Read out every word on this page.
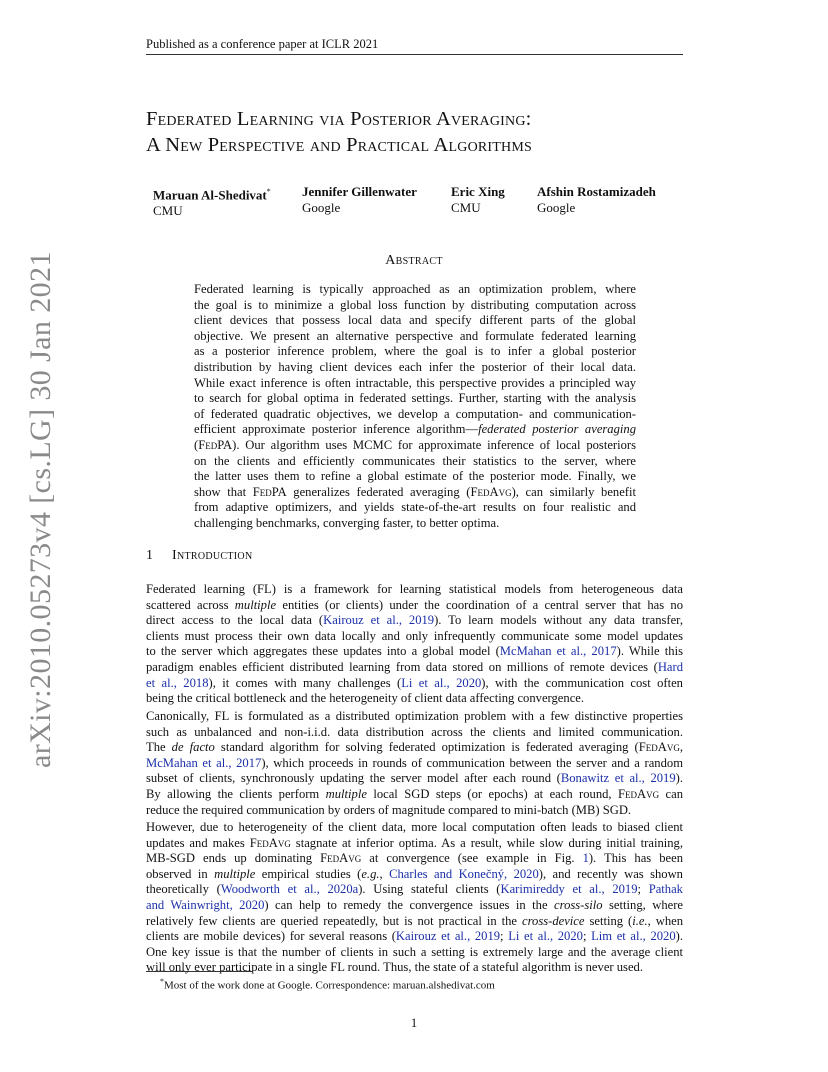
Published as a conference paper at ICLR 2021
Federated Learning via Posterior Averaging:
A New Perspective and Practical Algorithms
Maruan Al-Shedivat*
CMU
Jennifer Gillenwater
Google
Eric Xing
CMU
Afshin Rostamizadeh
Google
Abstract
Federated learning is typically approached as an optimization problem, where
the goal is to minimize a global loss function by distributing computation across
client devices that possess local data and specify different parts of the global
objective. We present an alternative perspective and formulate federated learning
as a posterior inference problem, where the goal is to infer a global posterior
distribution by having client devices each infer the posterior of their local data.
While exact inference is often intractable, this perspective provides a principled way
to search for global optima in federated settings. Further, starting with the analysis
of federated quadratic objectives, we develop a computation- and communication-
efficient approximate posterior inference algorithm—federated posterior averaging
(FedPA). Our algorithm uses MCMC for approximate inference of local posteriors
on the clients and efficiently communicates their statistics to the server, where
the latter uses them to refine a global estimate of the posterior mode. Finally, we
show that FedPA generalizes federated averaging (FedAvg), can similarly benefit
from adaptive optimizers, and yields state-of-the-art results on four realistic and
challenging benchmarks, converging faster, to better optima.
1 Introduction
Federated learning (FL) is a framework for learning statistical models from heterogeneous data
scattered across multiple entities (or clients) under the coordination of a central server that has no
direct access to the local data (Kairouz et al., 2019). To learn models without any data transfer,
clients must process their own data locally and only infrequently communicate some model updates
to the server which aggregates these updates into a global model (McMahan et al., 2017). While this
paradigm enables efficient distributed learning from data stored on millions of remote devices (Hard
et al., 2018), it comes with many challenges (Li et al., 2020), with the communication cost often
being the critical bottleneck and the heterogeneity of client data affecting convergence.
Canonically, FL is formulated as a distributed optimization problem with a few distinctive properties
such as unbalanced and non-i.i.d. data distribution across the clients and limited communication.
The de facto standard algorithm for solving federated optimization is federated averaging (FedAvg,
McMahan et al., 2017), which proceeds in rounds of communication between the server and a random
subset of clients, synchronously updating the server model after each round (Bonawitz et al., 2019).
By allowing the clients perform multiple local SGD steps (or epochs) at each round, FedAvg can
reduce the required communication by orders of magnitude compared to mini-batch (MB) SGD.
However, due to heterogeneity of the client data, more local computation often leads to biased client
updates and makes FedAvg stagnate at inferior optima. As a result, while slow during initial training,
MB-SGD ends up dominating FedAvg at convergence (see example in Fig. 1). This has been
observed in multiple empirical studies (e.g., Charles and Konečný, 2020), and recently was shown
theoretically (Woodworth et al., 2020a). Using stateful clients (Karimireddy et al., 2019; Pathak
and Wainwright, 2020) can help to remedy the convergence issues in the cross-silo setting, where
relatively few clients are queried repeatedly, but is not practical in the cross-device setting (i.e., when
clients are mobile devices) for several reasons (Kairouz et al., 2019; Li et al., 2020; Lim et al., 2020).
One key issue is that the number of clients in such a setting is extremely large and the average client
will only ever participate in a single FL round. Thus, the state of a stateful algorithm is never used.
*Most of the work done at Google. Correspondence: maruan.alshedivat.com
1
arXiv:2010.05273v4 [cs.LG] 30 Jan 2021
